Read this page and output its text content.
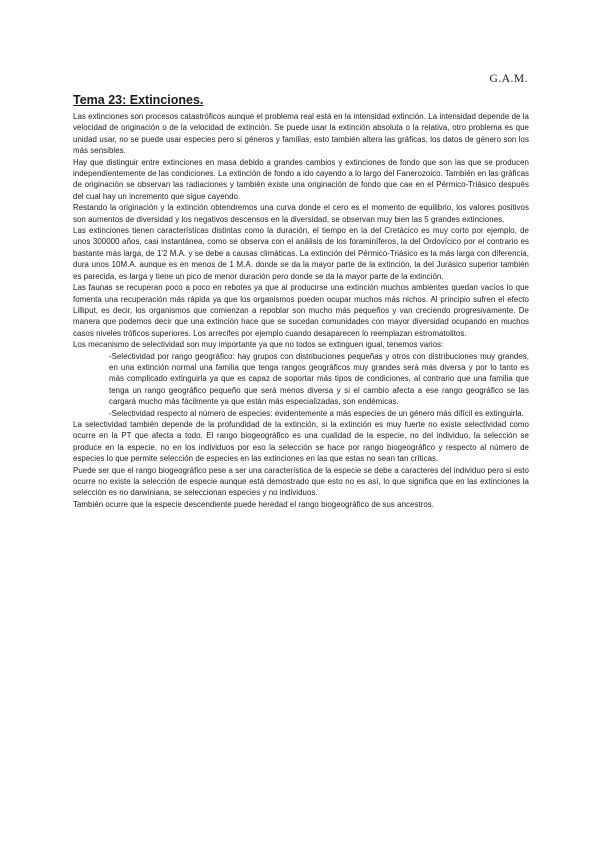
G.A.M.
Tema 23: Extinciones.

Las extinciones son procesos catastróficos aunque el problema real está en la intensidad extinción. La intensidad depende de la velocidad de originación o de la velocidad de extinción. Se puede usar la extinción absoluta o la relativa, otro problema es que unidad usar, no se puede usar especies pero si géneros y familias, esto también altera las gráficas, los datos de género son los más sensibles.

Hay que distinguir entre extinciones en masa debido a grandes cambios y extinciones de fondo que son las que se producen independientemente de las condiciones. La extinción de fondo a ido cayendo a lo largo del Fanerozoico. También en las gráficas de originación se observan las radiaciones y también existe una originación de fondo que cae en el Pérmico-Triásico después del cual hay un incremento que sigue cayendo.

Restando la originación y la extinción obtendremos una curva donde el cero es el momento de equilibrio, los valores positivos son aumentos de diversidad y los negativos descensos en la diversidad, se observan muy bien las 5 grandes extinciones.

Las extinciones tienen características distintas como la duración, el tiempo en la del Cretácico es muy corto por ejemplo, de unos 300000 años, casi instantánea, como se observa con el análisis de los foraminíferos, la del Ordovícico por el contrario es bastante más larga, de 1'2 M.A. y se debe a causas climáticas. La extinción del Pérmico-Triásico es la más larga con diferencia, dura unos 10M.A. aunque es en menos de 1 M.A. donde se da la mayor parte de la extinción, la del Jurásico superior también es parecida, es larga y tiene un pico de menor duración pero donde se da la mayor parte de la extinción.

Las faunas se recuperan poco a poco en rebotes ya que al producirse una extinción muchos ambientes quedan vacíos lo que fomenta una recuperación más rápida ya que los organismos pueden ocupar muchos más nichos. Al principio sufren el efecto Lilliput, es decir, los organismos que comienzan a repoblar son mucho más pequeños y van creciendo progresivamente. De manera que podemos decir que una extinción hace que se sucedan comunidades con mayor diversidad ocupando en muchos casos niveles tróficos superiores. Los arrecifes por ejemplo cuando desaparecen lo reemplazan estromatolitos.

Los mecanismo de selectividad son muy importante ya que no todos se extinguen igual, tenemos varios:

-Selectividad por rango geográfico: hay grupos con distribuciones pequeñas y otros con distribuciones muy grandes, en una extinción normal una familia que tenga rangos geográficos muy grandes será más diversa y por lo tanto es más complicado extinguirla ya que es capaz de soportar más tipos de condiciones, al contrario que una familia que tenga un rango geográfico pequeño que será menos diversa y si el cambio afecta a ese rango geográfico se las cargará mucho más fácilmente ya que están más especializadas, son endémicas.

-Selectividad respecto al número de especies: evidentemente a más especies de un género más difícil es extinguirla.

La selectividad también depende de la profundidad de la extinción, si la extinción es muy fuerte no existe selectividad como ocurre en la PT que afecta a todo. El rango biogeográfico es una cualidad de la especie, no del individuo, la selección se produce en la especie, no en los individuos por eso la selección se hace por rango biogeográfico y respecto al número de especies lo que permite selección de especies en las extinciones en las que estas no sean tan críticas.

Puede ser que el rango biogeográfico pese a ser una característica de la especie se debe a caracteres del individuo pero si esto ocurre no existe la selección de especie aunque está demostrado que esto no es así, lo que significa que en las extinciones la selección es no darwiniana, se seleccionan especies y no individuos.

También ocurre que la especie descendiente puede heredad el rango biogeográfico de sus ancestros.
